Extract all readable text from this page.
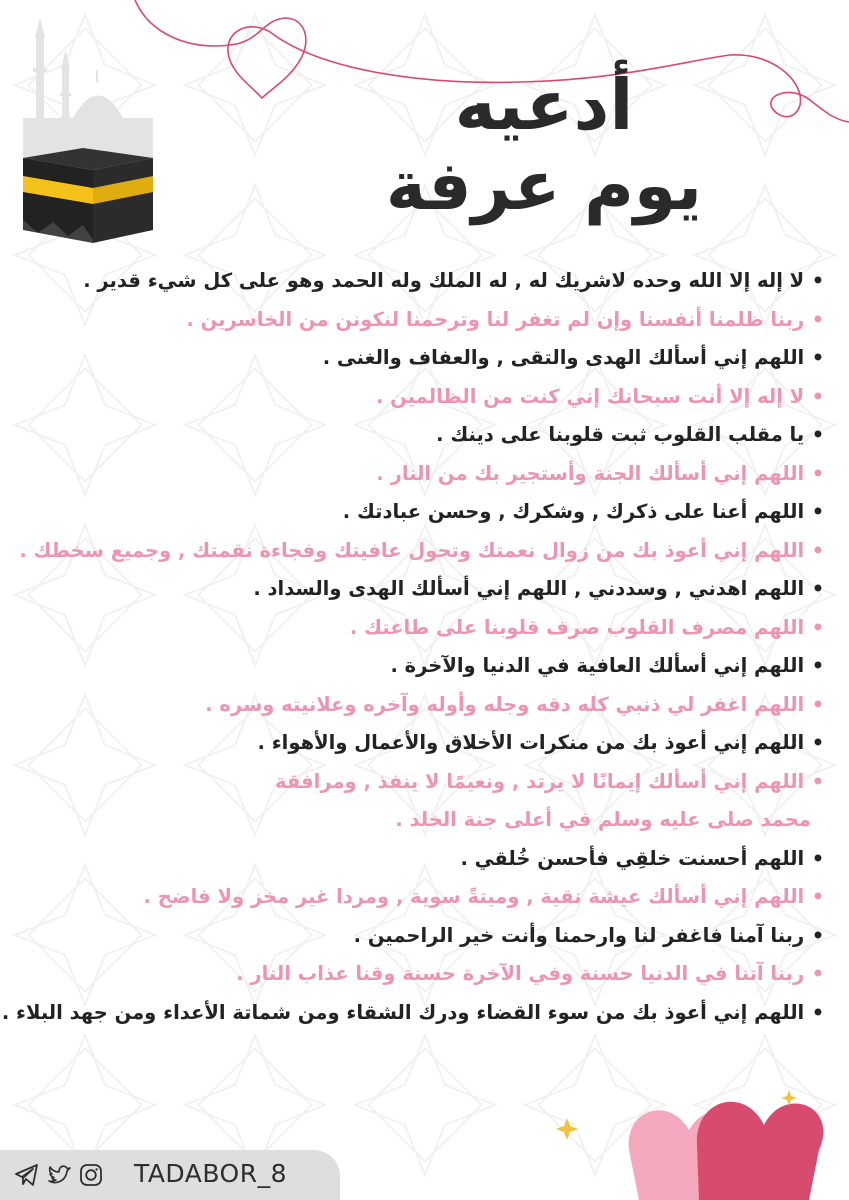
أدعيه
يوم عرفة
• لا إله إلا الله وحده لاشريك له , له الملك وله الحمد وهو على كل شيء قدير .
• ربنا ظلمنا أنفسنا وإن لم تغفر لنا وترحمنا لنكونن من الخاسرين .
• اللهم إني أسألك الهدى والتقى , والعفاف والغنى .
• لا إله إلا أنت سبحانك إني كنت من الظالمين .
• يا مقلب القلوب ثبت قلوبنا على دينك .
• اللهم إني أسألك الجنة وأستجير بك من النار .
• اللهم أعنا على ذكرك , وشكرك , وحسن عبادتك .
• اللهم إني أعوذ بك من زوال نعمتك وتحول عافيتك وفجاءة نقمتك , وجميع سخطك .
• اللهم اهدني , وسددني , اللهم إني أسألك الهدى والسداد .
• اللهم مصرف القلوب صرف قلوبنا على طاعتك .
• اللهم إني أسألك العافية في الدنيا والآخرة .
• اللهم اغفر لي ذنبي كله دقه وجله وأوله وآخره وعلانيته وسره .
• اللهم إني أعوذ بك من منكرات الأخلاق والأعمال والأهواء .
• اللهم إني أسألك إيمانًا لا يرتد , ونعيمًا لا ينفذ , ومرافقة
محمد صلى عليه وسلم في أعلى جنة الخلد .
• اللهم أحسنت خلقِي فأحسن خُلقي .
• اللهم إني أسألك عيشة نقية , وميتةً سوية , ومردا غير مخز ولا فاضح .
• ربنا آمنا فاغفر لنا وارحمنا وأنت خير الراحمين .
• ربنا آتنا في الدنيا حسنة وفي الآخرة حسنة وقنا عذاب النار .
• اللهم إني أعوذ بك من سوء القضاء ودرك الشقاء ومن شماتة الأعداء ومن جهد البلاء .
TADABOR_8
